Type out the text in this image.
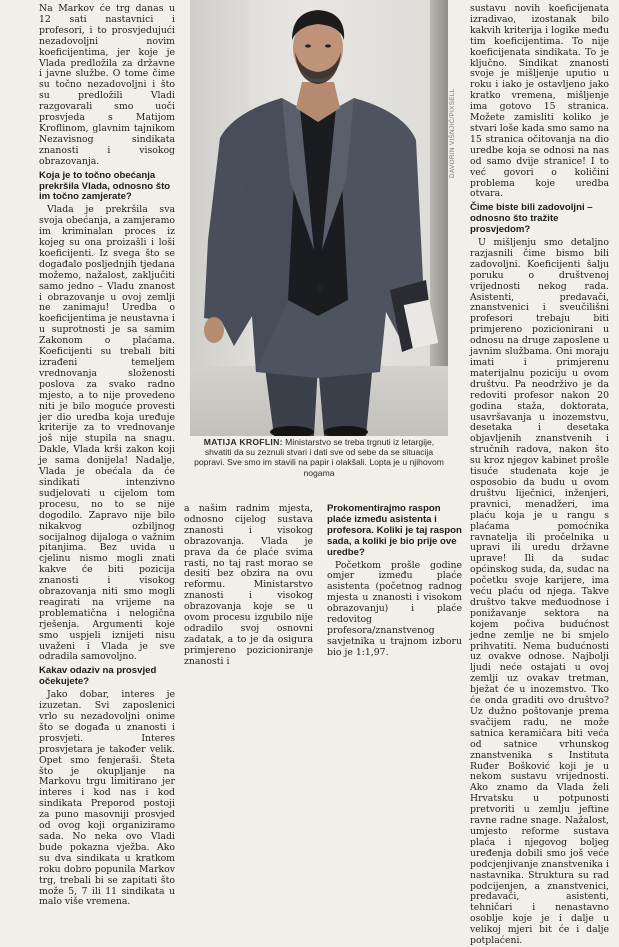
Na Markov će trg danas u 12 sati nastavnici i profesori, i to prosvjedujući nezadovoljni novim koeficijentima, jer koje je Vlada predložila za državne i javne službe. O tome čime su točno nezadovoljni i što su predložili Vladi razgovarali smo uoči prosvjeda s Matijom Kroflinom, glavnim tajnikom Nezavisnog sindikata znanosti i visokog obrazovanja.

Koja je to točno obećanja prekršila Vlada, odnosno što im točno zamjerate?

Vlada je prekršila sva svoja obećanja, a zamjeramo im kriminalan proces iz kojeg su ona proizašli i loši koeficijenti. Iz svega što se događalo posljednjih tjedana možemo, nažalost, zaključiti samo jedno – Vladu znanost i obrazovanje u ovoj zemlji ne zanimaju! Uredba o koeficijentima je neustavna i u suprotnosti je sa samim Zakonom o plaćama. Koeficijenti su trebali biti izrađeni temeljem vrednovanja složenosti poslova za svako radno mjesto, a to nije provedeno niti je bilo moguće provesti jer dio uredba koja uređuje kriterije za to vrednovanje još nije stupila na snagu. Dakle, Vlada krši zakon koji je sama donijela! Nadalje, Vlada je obećala da će sindikati intenzivno sudjelovati u cijelom tom procesu, no to se nije dogodilo. Zapravo nije bilo nikakvog ozbiljnog socijalnog dijaloga o važnim pitanjima. Bez uvida u cjelinu nismo mogli znati kakve će biti pozicija znanosti i visokog obrazovanja niti smo mogli reagirati na vrijeme na problematična i nelogična rješenja. Argumenti koje smo uspjeli iznijeti nisu uvaženi i Vlada je sve odradila samovoljno.

Kakav odaziv na prosvjed očekujete?

Jako dobar, interes je izuzetan. Svi zaposlenici vrlo su nezadovoljni onime što se događa u znanosti i prosvjeti. Interes prosvjetara je također velik. Opet smo fenjeraši. Šteta što je okupljanje na Markovu trgu limitirano jer interes i kod nas i kod sindikata Preporod postoji za puno masovniji prosvjed od ovog koji organiziramo sada. No neka ovo Vladi bude pokazna vježba. Ako su dva sindikata u kratkom roku dobro popunila Markov trg, trebali bi se zapitati što može 5, 7 ili 11 sindikata u malo više vremena.

DAVORIN VIŠNJIĆ/PIXSELL
MATIJA KROFLIN: Ministarstvo se treba trgnuti iz letargije, shvatiti da su zeznuli stvari i dati sve od sebe da se situacija popravi. Sve smo im stavili na papir i olakšali. Lopta je u njihovom nogama

a našim radnim mjesta, odnosno cijelog sustava znanosti i visokog obrazovanja. Vlada je prava da će plaće svima rasti, no taj rast morao se desiti bez obzira na ovu reformu. Ministarstvo znanosti i visokog obrazovanja koje se u ovom procesu izgubilo nije odradilo svoj osnovni zadatak, a to je da osigura primjereno pozicioniranje znanosti i

Prokomentirajmo raspon plaće između asistenta i profesora. Kolikі je taj raspon sada, a koliki je bio prije ove uredbe?

Početkom prošle godine omjer između plaće asistenta (početnog radnog mjesta u znanosti i visokom obrazovanju) i plaće redovitog profesora/znanstvenog savjetnika u trajnom izboru bio je 1:1,97.

sustavu novih koeficijenata izradivao, izostanak bilo kakvih kriterija i logike među tim koeficijentima. To nije koeficijenata sindikata. To je ključno. Sindikat znanosti svoje je mišljenje uputio u roku i iako je ostavljeno jako kratko vremena, mišljenje ima gotovo 15 stranica. Možete zamisliti koliko je stvari loše kada smo samo na 15 stranica očitovanja na dio uredbe koja se odnosi na nas od samo dvije stranice! I to već govori o količini problema koje uredba otvara.

Čime biste bili zadovoljni – odnosno što tražite prosvjedom?

U mišljenju smo detaljno razjasnili čime bismo bili zadovoljni. Koeficijenti šalju poruku o društvenoj vrijednosti nekog rada. Asistenti, predavači, znanstvenici i sveučilišni profesori trebaju biti primjereno pozicionirani u odnosu na druge zaposlene u javnim službama. Oni moraju imati i primjerenu materijalnu poziciju u ovom društvu. Pa neodrživo je da redoviti profesor nakon 20 godina staža, doktorata, usavršavanja u inozemstvu, desetaka i desetaka objavljenih znanstvenih i stručnih radova, nakon što su kroz njegov kabinet prošle tisuće studenata koje je osposobio da budu u ovom društvu liječnici, inženjeri, pravnici, menadžeri, ima plaću koja je u rangu s plaćama pomoćnika ravnatelja ili pročelnika u upravi ili uredu državne uprave! Ili da sudac općinskog suda, da, sudac na početku svoje karijere, ima veću plaću od njega. Takve društvo takve međuodnose i ponižavanje sektora na kojem počiva budućnost jedne zemlje ne bi smjelo prihvatiti. Nema budućnosti uz ovakve odnose. Najbolji ljudi neće ostajati u ovoj zemlji uz ovakav tretman, bježat će u inozemstvo. Tko će onda graditi ovo društvo? Uz dužno poštovanje prema svačijem radu, ne može satnica keramičara biti veća od satnice vrhunskog znanstvenika s Instituta Ruđer Bošković koji je u nekom sustavu vrijednosti. Ako znamo da Vlada želi Hrvatsku u potpunosti pretvoriti u zemlju jeftine ravne radne snage. Nažalost, umjesto reforme sustava plaća i njegovog boljeg uređenja dobili smo još veće podcjenjivanje znanstvenika i nastavnika. Struktura su rad podcijenjen, a znanstvenici, predavači, asistenti, tehničari i nenastavno osoblje koje je i dalje u velikoj mjeri bit će i dalje potplaćeni.
